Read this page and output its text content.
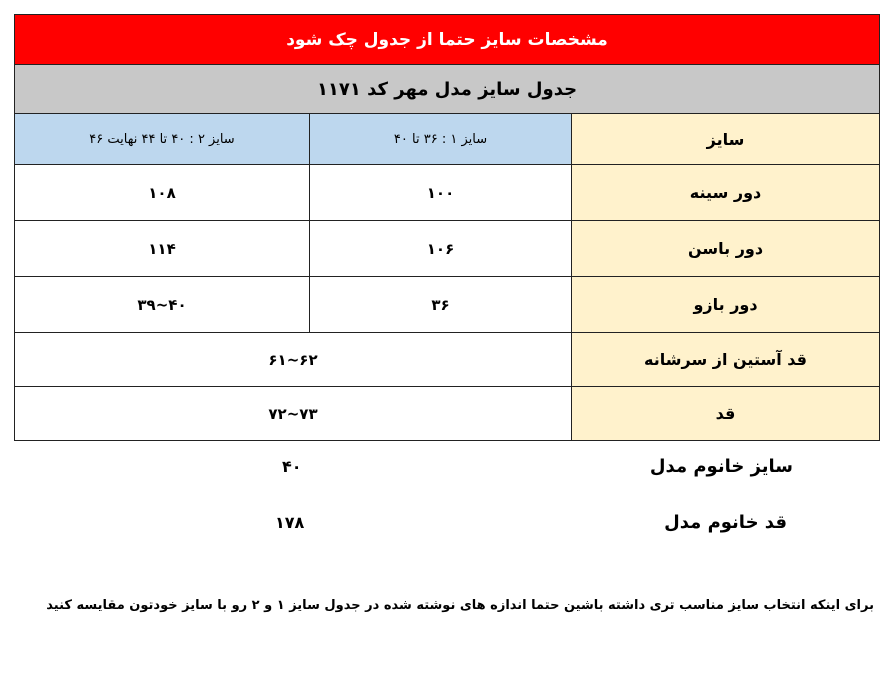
مشخصات سایز حتما از جدول چک شود		
جدول سایز مدل مهر کد ۱۱۷۱		
سایز	سایز ۱ : ۳۶ تا ۴۰	سایز ۲ : ۴۰ تا ۴۴ نهایت ۴۶
دور سینه	۱۰۰	۱۰۸
دور باسن	۱۰۶	۱۱۴
دور بازو	۳۶	۴۰~۳۹
قد آستین از سرشانه	۶۲~۶۱	
قد	۷۳~۷۲	
سایز خانوم مدل
۴۰
قد خانوم مدل
۱۷۸
برای اینکه انتخاب سایز مناسب تری داشته باشین حتما اندازه های نوشته شده در جدول سایز ۱ و ۲ رو با سایز خودتون مقایسه کنید
